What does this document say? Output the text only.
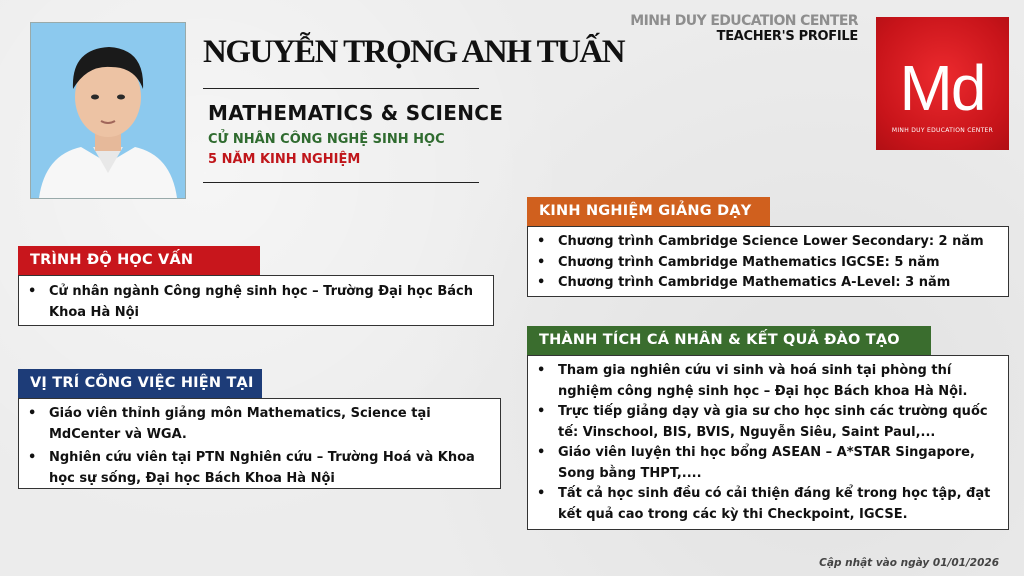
NGUYỄN TRỌNG ANH TUẤN
MATHEMATICS & SCIENCE
CỬ NHÂN CÔNG NGHỆ SINH HỌC
5 NĂM KINH NGHIỆM
MINH DUY EDUCATION CENTER
TEACHER'S PROFILE
Md
MINH DUY EDUCATION CENTER
TRÌNH ĐỘ HỌC VẤN
• Cử nhân ngành Công nghệ sinh học – Trường Đại học Bách Khoa Hà Nội
VỊ TRÍ CÔNG VIỆC HIỆN TẠI
• Giáo viên thỉnh giảng môn Mathematics, Science tại MdCenter và WGA.
• Nghiên cứu viên tại PTN Nghiên cứu – Trường Hoá và Khoa học sự sống, Đại học Bách Khoa Hà Nội
KINH NGHIỆM GIẢNG DẠY
• Chương trình Cambridge Science Lower Secondary: 2 năm
• Chương trình Cambridge Mathematics IGCSE: 5 năm
• Chương trình Cambridge Mathematics A-Level: 3 năm
THÀNH TÍCH CÁ NHÂN & KẾT QUẢ ĐÀO TẠO
• Tham gia nghiên cứu vi sinh và hoá sinh tại phòng thí nghiệm công nghệ sinh học – Đại học Bách khoa Hà Nội.
• Trực tiếp giảng dạy và gia sư cho học sinh các trường quốc tế: Vinschool, BIS, BVIS, Nguyễn Siêu, Saint Paul,...
• Giáo viên luyện thi học bổng ASEAN – A*STAR Singapore, Song bằng THPT,....
• Tất cả học sinh đều có cải thiện đáng kể trong học tập, đạt kết quả cao trong các kỳ thi Checkpoint, IGCSE.
Cập nhật vào ngày 01/01/2026
